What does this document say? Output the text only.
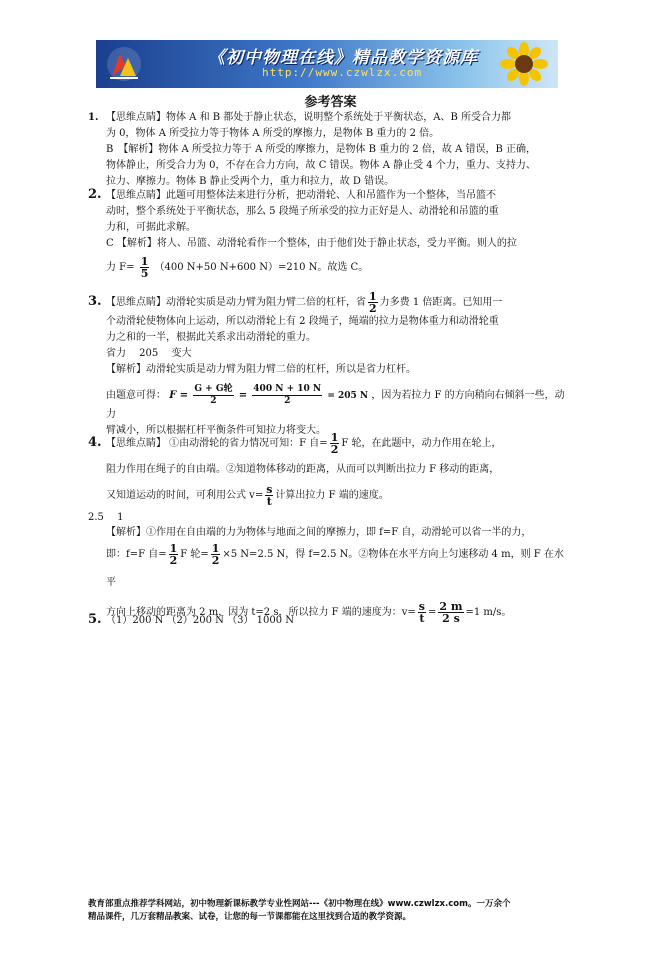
《初中物理在线》精品教学资源库
http://www.czwlzx.com
参考答案

1. 【思维点睛】物体 A 和 B 都处于静止状态，说明整个系统处于平衡状态，A、B 所受合力都

为 0，物体 A 所受拉力等于物体 A 所受的摩擦力，是物体 B 重力的 2 倍。

B　【解析】物体 A 所受拉力等于 A 所受的摩擦力，是物体 B 重力的 2 倍，故 A 错误，B 正确，

物体静止，所受合力为 0，不存在合力方向，故 C 错误。物体 A 静止受 4 个力，重力、支持力、

拉力、摩擦力。物体 B 静止受两个力，重力和拉力，故 D 错误。

2. 【思维点睛】此题可用整体法来进行分析，把动滑轮、人和吊篮作为一个整体，当吊篮不

动时，整个系统处于平衡状态，那么 5 段绳子所承受的拉力正好是人、动滑轮和吊篮的重

力和，可据此求解。

C 【解析】将人、吊篮、动滑轮看作一个整体，由于他们处于静止状态，受力平衡。则人的拉

力 $F= \frac{1}{5} (400$ N+50 N+600 N）=210 N。故选 C。

3. 【思维点睛】动滑轮实质是动力臂为阻力臂二倍的杠杆，省 $\frac{1}{2}$ 力多费 1 倍距离。已知用一

个动滑轮使物体向上运动，所以动滑轮上有 2 段绳子，绳端的拉力是物体重力和动滑轮重

力之和的一半，根据此关系求出动滑轮的重力。

省力　 205　 变大

【解析】动滑轮实质是动力臂为阻力臂二倍的杠杆，所以是省力杠杆。

由题意可得： $F = \frac{\text{G + G轮}}{2} = \frac{400 N + 10 N}{2} = 205$ N ，因为若拉力 F 的方向稍向右倾斜一些，动力

臂减小，所以根据杠杆平衡条件可知拉力将变大。

4. 【思维点睛】 ①由动滑轮的省力情况可知：F 自= $\frac{1}{2}$ F 轮，在此题中，动力作用在轮上，

阻力作用在绳子的自由端。②知道物体移动的距离，从而可以判断出拉力 F 移动的距离，

又知道运动的时间，可利用公式 $v= \frac{s}{t}$ 计算出拉力 F 端的速度。

2.5　 1

【解析】①作用在自由端的力为物体与地面之间的摩擦力，即 f=F 自，动滑轮可以省一半的力，

即：f=F 自= $\frac{1}{2}$ F 轮= $\frac{1}{2} \times 5$ N=2.5 N，得 f=2.5 N。②物体在水平方向上匀速移动 4 m，则 F 在水平

方向上移动的距离为 2 m，因为 t=2 s，所以拉力 F 端的速度为：$v= \frac{s}{t} = \frac{2 m}{2 s} =1$ m/s。

5. （1）200 N （2）200 N （3） 1000 N

教育部重点推荐学科网站，初中物理新课标教学专业性网站---《初中物理在线》www.czwlzx.com。一万余个
精品课件，几万套精品教案、试卷，让您的每一节课都能在这里找到合适的教学资源。
